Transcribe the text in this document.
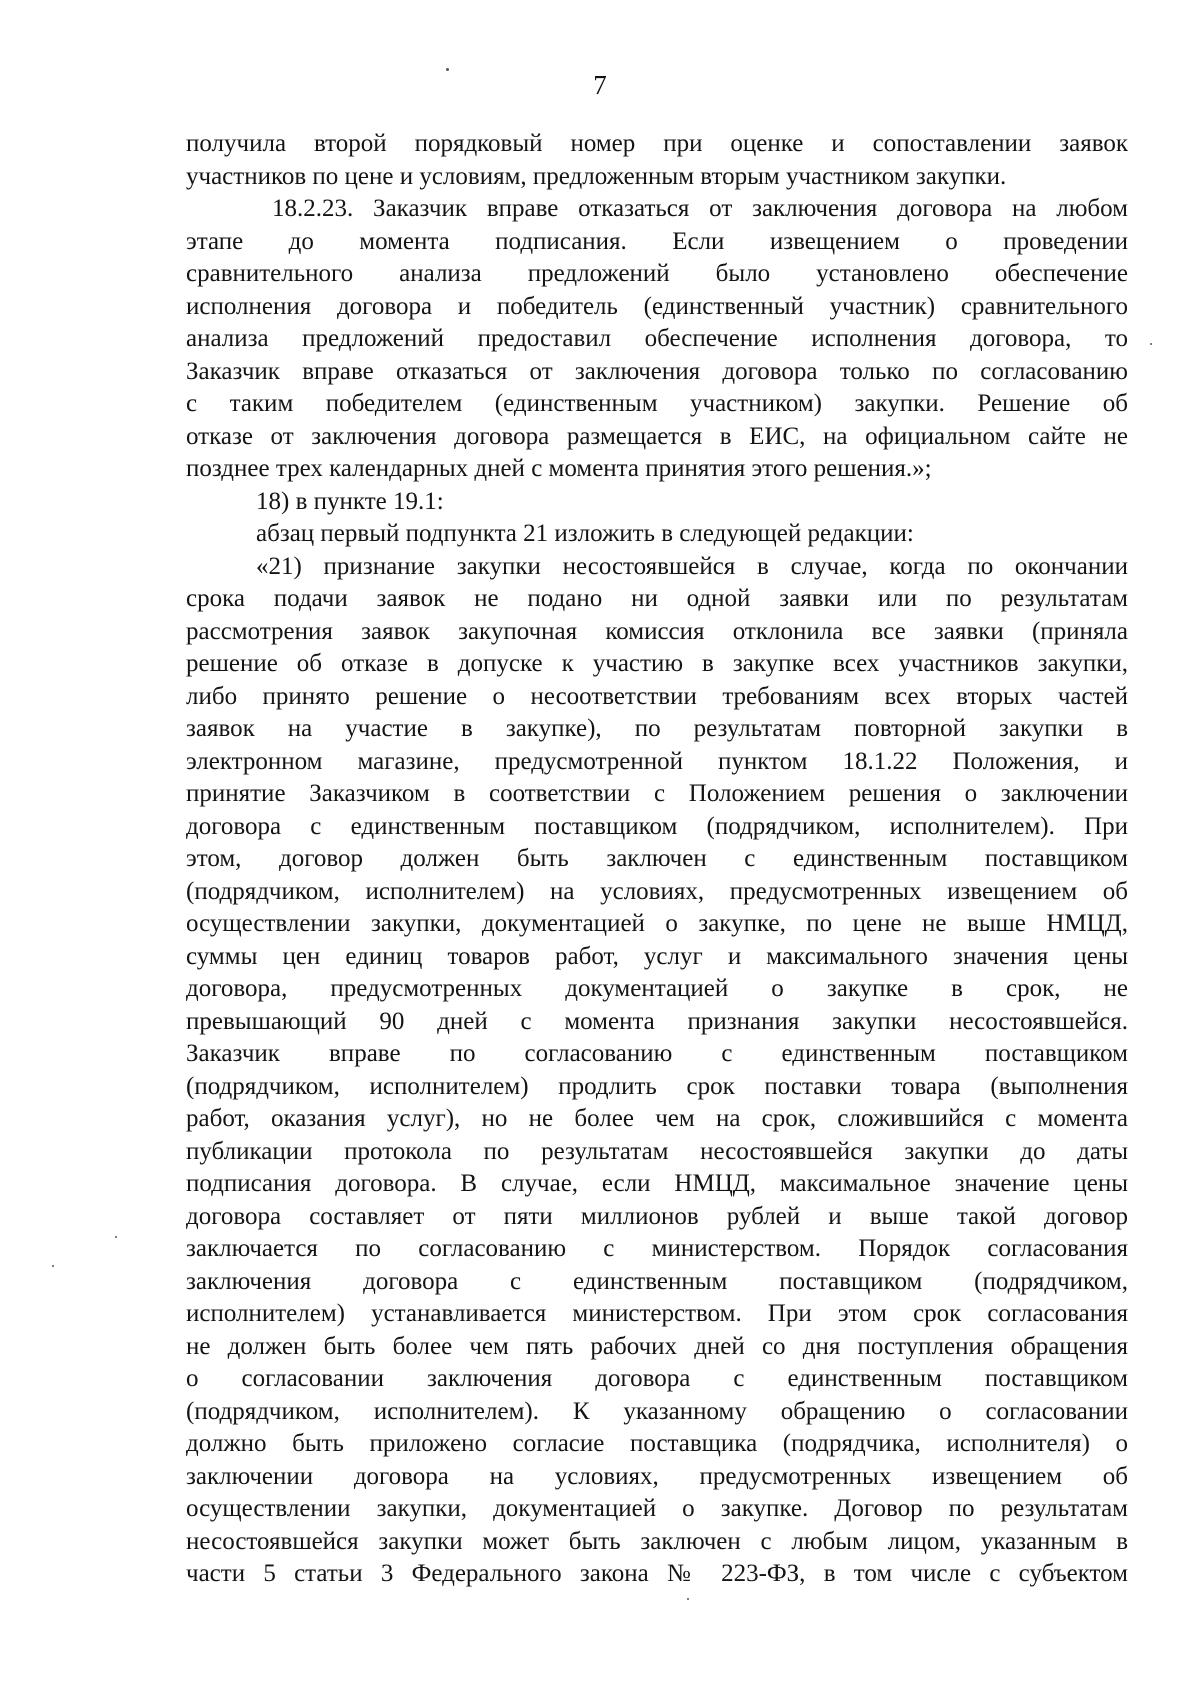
7
получила второй порядковый номер при оценке и сопоставлении заявок
участников по цене и условиям, предложенным вторым участником закупки.
18.2.23. Заказчик вправе отказаться от заключения договора на любом
этапе до момента подписания. Если извещением о проведении
сравнительного анализа предложений было установлено обеспечение
исполнения договора и победитель (единственный участник) сравнительного
анализа предложений предоставил обеспечение исполнения договора, то
Заказчик вправе отказаться от заключения договора только по согласованию
с таким победителем (единственным участником) закупки. Решение об
отказе от заключения договора размещается в ЕИС, на официальном сайте не
позднее трех календарных дней с момента принятия этого решения.»;
18) в пункте 19.1:
абзац первый подпункта 21 изложить в следующей редакции:
«21) признание закупки несостоявшейся в случае, когда по окончании
срока подачи заявок не подано ни одной заявки или по результатам
рассмотрения заявок закупочная комиссия отклонила все заявки (приняла
решение об отказе в допуске к участию в закупке всех участников закупки,
либо принято решение о несоответствии требованиям всех вторых частей
заявок на участие в закупке), по результатам повторной закупки в
электронном магазине, предусмотренной пунктом 18.1.22 Положения, и
принятие Заказчиком в соответствии с Положением решения о заключении
договора с единственным поставщиком (подрядчиком, исполнителем). При
этом, договор должен быть заключен с единственным поставщиком
(подрядчиком, исполнителем) на условиях, предусмотренных извещением об
осуществлении закупки, документацией о закупке, по цене не выше НМЦД,
суммы цен единиц товаров работ, услуг и максимального значения цены
договора, предусмотренных документацией о закупке в срок, не
превышающий 90 дней с момента признания закупки несостоявшейся.
Заказчик вправе по согласованию с единственным поставщиком
(подрядчиком, исполнителем) продлить срок поставки товара (выполнения
работ, оказания услуг), но не более чем на срок, сложившийся с момента
публикации протокола по результатам несостоявшейся закупки до даты
подписания договора. В случае, если НМЦД, максимальное значение цены
договора составляет от пяти миллионов рублей и выше такой договор
заключается по согласованию с министерством. Порядок согласования
заключения договора с единственным поставщиком (подрядчиком,
исполнителем) устанавливается министерством. При этом срок согласования
не должен быть более чем пять рабочих дней со дня поступления обращения
о согласовании заключения договора с единственным поставщиком
(подрядчиком, исполнителем). К указанному обращению о согласовании
должно быть приложено согласие поставщика (подрядчика, исполнителя) о
заключении договора на условиях, предусмотренных извещением об
осуществлении закупки, документацией о закупке. Договор по результатам
несостоявшейся закупки может быть заключен с любым лицом, указанным в
части 5 статьи 3 Федерального закона № 223-ФЗ, в том числе с субъектом
